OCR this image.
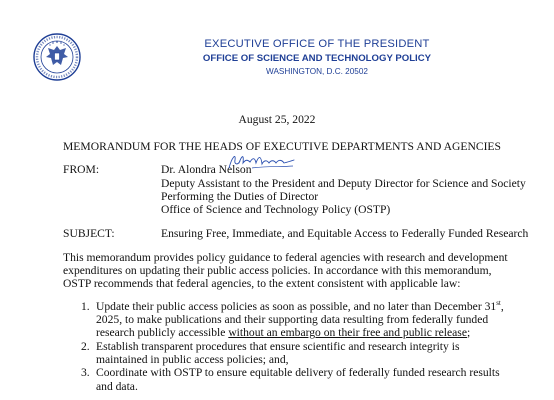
EXECUTIVE OFFICE OF THE PRESIDENT
OFFICE OF SCIENCE AND TECHNOLOGY POLICY
WASHINGTON, D.C. 20502
August 25, 2022
MEMORANDUM FOR THE HEADS OF EXECUTIVE DEPARTMENTS AND AGENCIES
FROM:	Dr. Alondra Nelson
Deputy Assistant to the President and Deputy Director for Science and Society
Performing the Duties of Director
Office of Science and Technology Policy (OSTP)
SUBJECT:	Ensuring Free, Immediate, and Equitable Access to Federally Funded Research
This memorandum provides policy guidance to federal agencies with research and development
expenditures on updating their public access policies. In accordance with this memorandum,
OSTP recommends that federal agencies, to the extent consistent with applicable law:
1. Update their public access policies as soon as possible, and no later than December 31st,
2025, to make publications and their supporting data resulting from federally funded
research publicly accessible without an embargo on their free and public release;
2. Establish transparent procedures that ensure scientific and research integrity is
maintained in public access policies; and,
3. Coordinate with OSTP to ensure equitable delivery of federally funded research results
and data.
